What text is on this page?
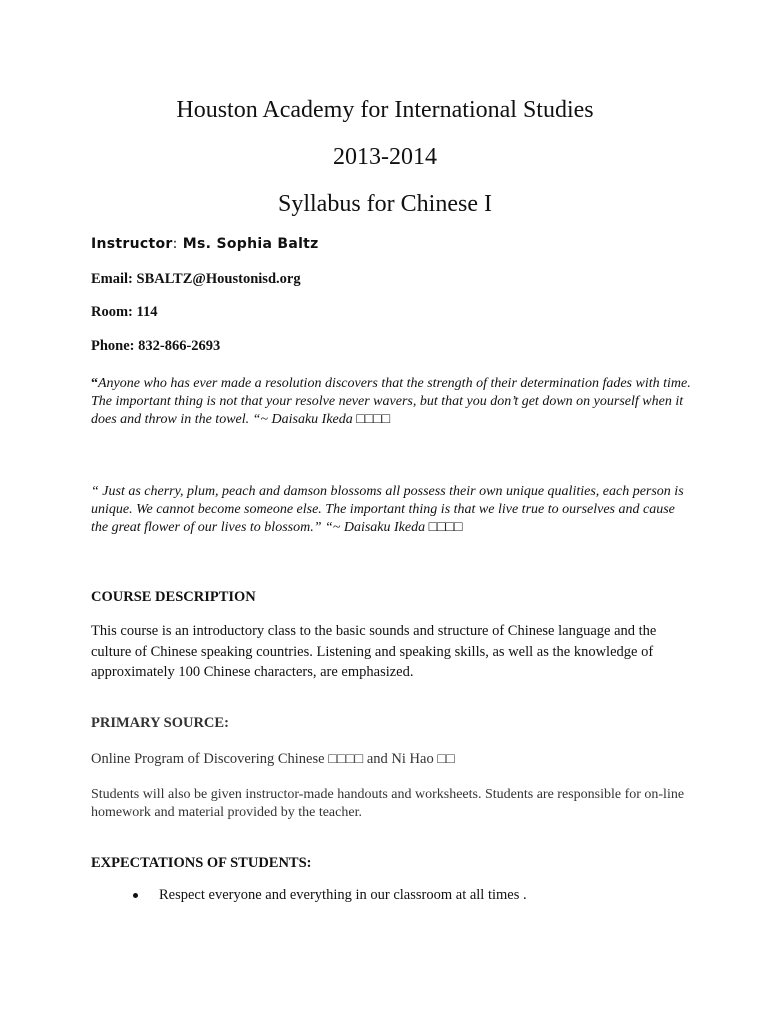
Houston Academy for International Studies
2013-2014
Syllabus for Chinese I
Instructor: Ms. Sophia Baltz
Email: SBALTZ@Houstonisd.org
Room: 114
Phone: 832-866-2693
“Anyone who has ever made a resolution discovers that the strength of their determination fades with time. The important thing is not that your resolve never wavers, but that you don’t get down on yourself when it does and throw in the towel. “~ Daisaku Ikeda □□□□
“ Just as cherry, plum, peach and damson blossoms all possess their own unique qualities, each person is unique. We cannot become someone else. The important thing is that we live true to ourselves and cause the great flower of our lives to blossom.” “~ Daisaku Ikeda □□□□
COURSE DESCRIPTION
This course is an introductory class to the basic sounds and structure of Chinese language and the culture of Chinese speaking countries. Listening and speaking skills, as well as the knowledge of approximately 100 Chinese characters, are emphasized.
PRIMARY SOURCE:
Online Program of Discovering Chinese □□□□ and Ni Hao □□
Students will also be given instructor-made handouts and worksheets. Students are responsible for on-line homework and material provided by the teacher.
EXPECTATIONS OF STUDENTS:
Respect everyone and everything in our classroom at all times .
